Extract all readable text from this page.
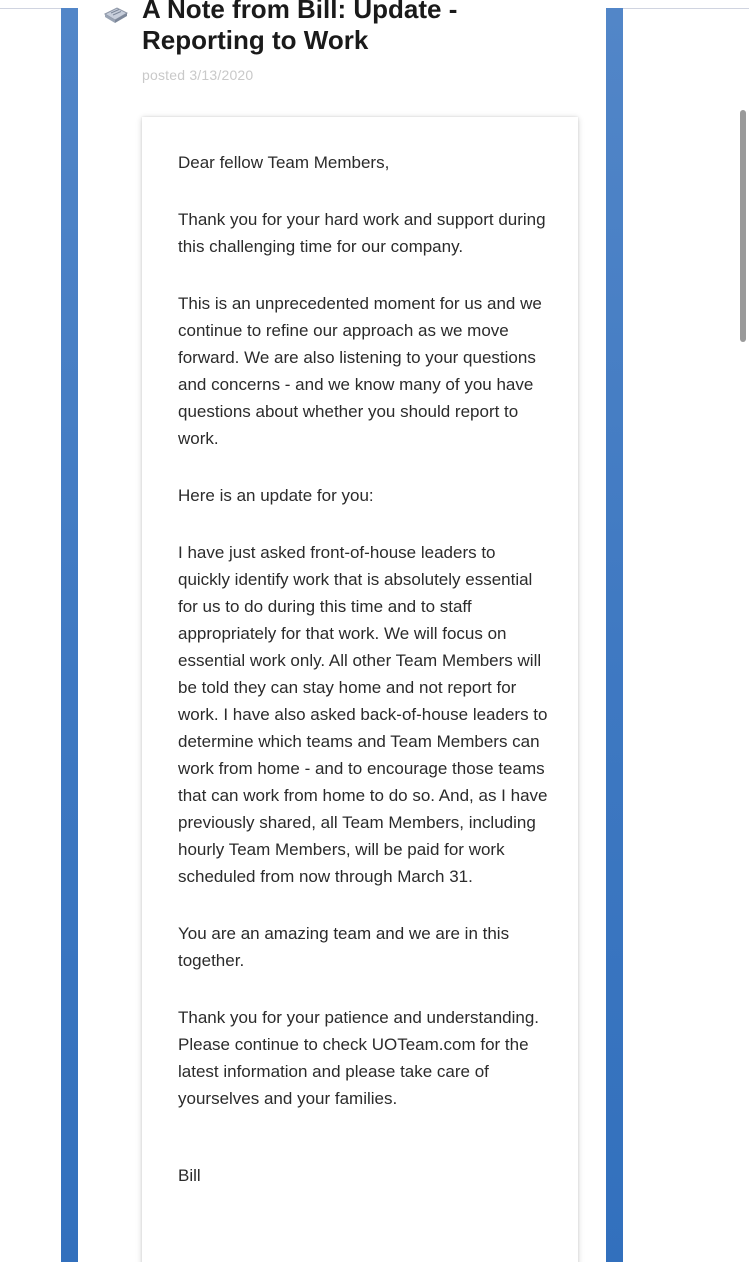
A Note from Bill: Update - Reporting to Work
posted 3/13/2020

Dear fellow Team Members,

Thank you for your hard work and support during this challenging time for our company.

This is an unprecedented moment for us and we continue to refine our approach as we move forward. We are also listening to your questions and concerns - and we know many of you have questions about whether you should report to work.

Here is an update for you:

I have just asked front-of-house leaders to quickly identify work that is absolutely essential for us to do during this time and to staff appropriately for that work. We will focus on essential work only. All other Team Members will be told they can stay home and not report for work. I have also asked back-of-house leaders to determine which teams and Team Members can work from home - and to encourage those teams that can work from home to do so. And, as I have previously shared, all Team Members, including hourly Team Members, will be paid for work scheduled from now through March 31.

You are an amazing team and we are in this together.

Thank you for your patience and understanding. Please continue to check UOTeam.com for the latest information and please take care of yourselves and your families.

Bill
